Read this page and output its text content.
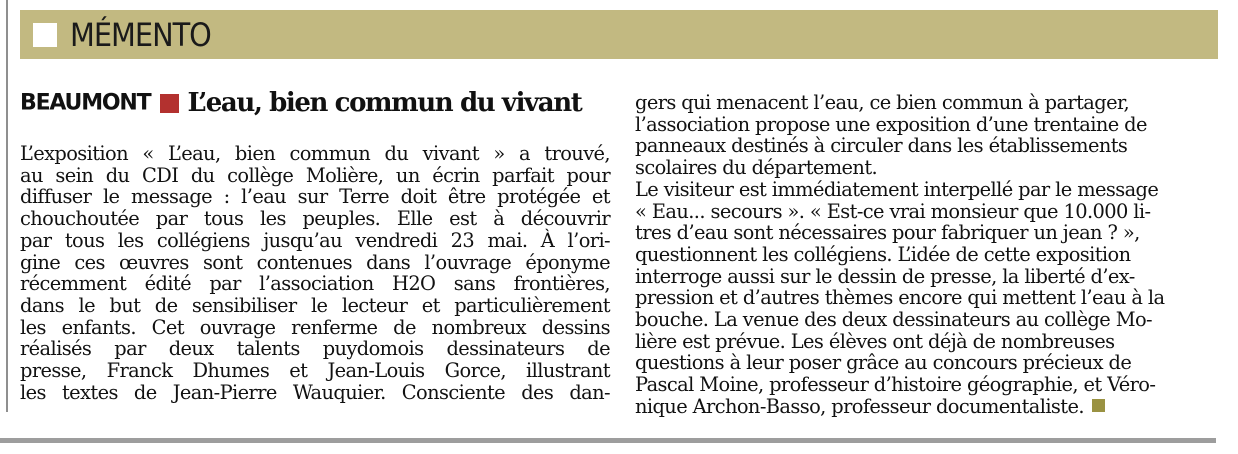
MÉMENTO
BEAUMONT L’eau, bien commun du vivant

L’exposition « L’eau, bien commun du vivant » a trouvé,
au sein du CDI du collège Molière, un écrin parfait pour
diffuser le message : l’eau sur Terre doit être protégée et
chouchoutée par tous les peuples. Elle est à découvrir
par tous les collégiens jusqu’au vendredi 23 mai. À l’ori-
gine ces œuvres sont contenues dans l’ouvrage éponyme
récemment édité par l’association H2O sans frontières,
dans le but de sensibiliser le lecteur et particulièrement
les enfants. Cet ouvrage renferme de nombreux dessins
réalisés par deux talents puydomois dessinateurs de
presse, Franck Dhumes et Jean-Louis Gorce, illustrant
les textes de Jean-Pierre Wauquier. Consciente des dan-

gers qui menacent l’eau, ce bien commun à partager,
l’association propose une exposition d’une trentaine de
panneaux destinés à circuler dans les établissements
scolaires du département.
Le visiteur est immédiatement interpellé par le message
« Eau... secours ». « Est-ce vrai monsieur que 10.000 li-
tres d’eau sont nécessaires pour fabriquer un jean ? »,
questionnent les collégiens. L’idée de cette exposition
interroge aussi sur le dessin de presse, la liberté d’ex-
pression et d’autres thèmes encore qui mettent l’eau à la
bouche. La venue des deux dessinateurs au collège Mo-
lière est prévue. Les élèves ont déjà de nombreuses
questions à leur poser grâce au concours précieux de
Pascal Moine, professeur d’histoire géographie, et Véro-
nique Archon-Basso, professeur documentaliste.
